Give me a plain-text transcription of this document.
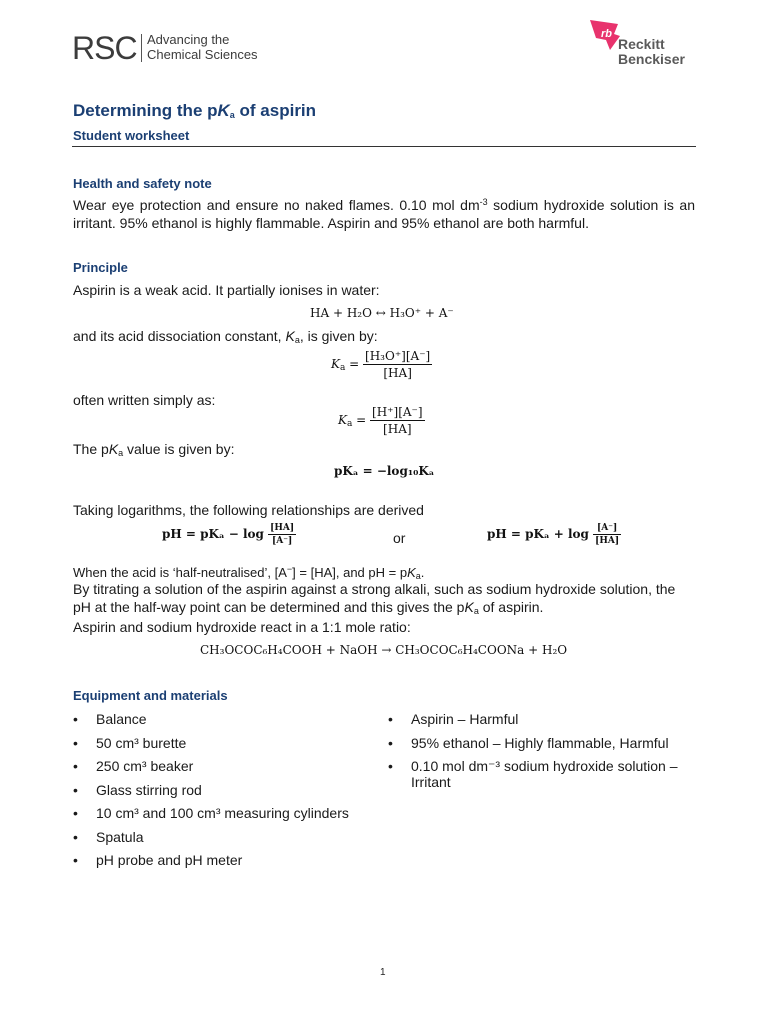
RSC Advancing the
Chemical Sciences
rb
Reckitt
Benckiser
Determining the $pK_a$ of aspirin
Student worksheet
Health and safety note
Wear eye protection and ensure no naked flames. 0.10 mol $dm^{-3}$ sodium hydroxide solution is an irritant. 95% ethanol is highly flammable. Aspirin and 95% ethanol are both harmful.
Principle
Aspirin is a weak acid. It partially ionises in water:
HA + H₂O ↔ H₃O⁺ + A⁻
and its acid dissociation constant, $K_a$, is given by:
$K_a = \frac{\text{[H₃O⁺][A⁻]}}{[HA]}$
often written simply as:
$K_a = \frac{[H^+][A^-]}{[HA]}$
The $pK_a$ value is given by:
pKₐ = −log₁₀Kₐ
Taking logarithms, the following relationships are derived
pH = $pK_a - \log \frac{[HA]}{[A^-]}$	or	pH = $pK_a + \log \frac{[A^-]}{[HA]}$
When the acid is ‘half-neutralised’, [A−] = [HA], and pH = $pK_a$.
By titrating a solution of the aspirin against a strong alkali, such as sodium hydroxide solution, the pH at the half-way point can be determined and this gives the $pK_a$ of aspirin.
Aspirin and sodium hydroxide react in a 1:1 mole ratio:
CH₃OCOC₆H₄COOH + NaOH → CH₃OCOC₆H₄COONa + H₂O
Equipment and materials
• Balance
• 50 cm³ burette
• 250 cm³ beaker
• Glass stirring rod
• 10 cm³ and 100 cm³ measuring cylinders
• Spatula
• pH probe and pH meter
• Aspirin – Harmful
• 95% ethanol – Highly flammable, Harmful
• 0.10 mol dm⁻³ sodium hydroxide solution – Irritant
1
